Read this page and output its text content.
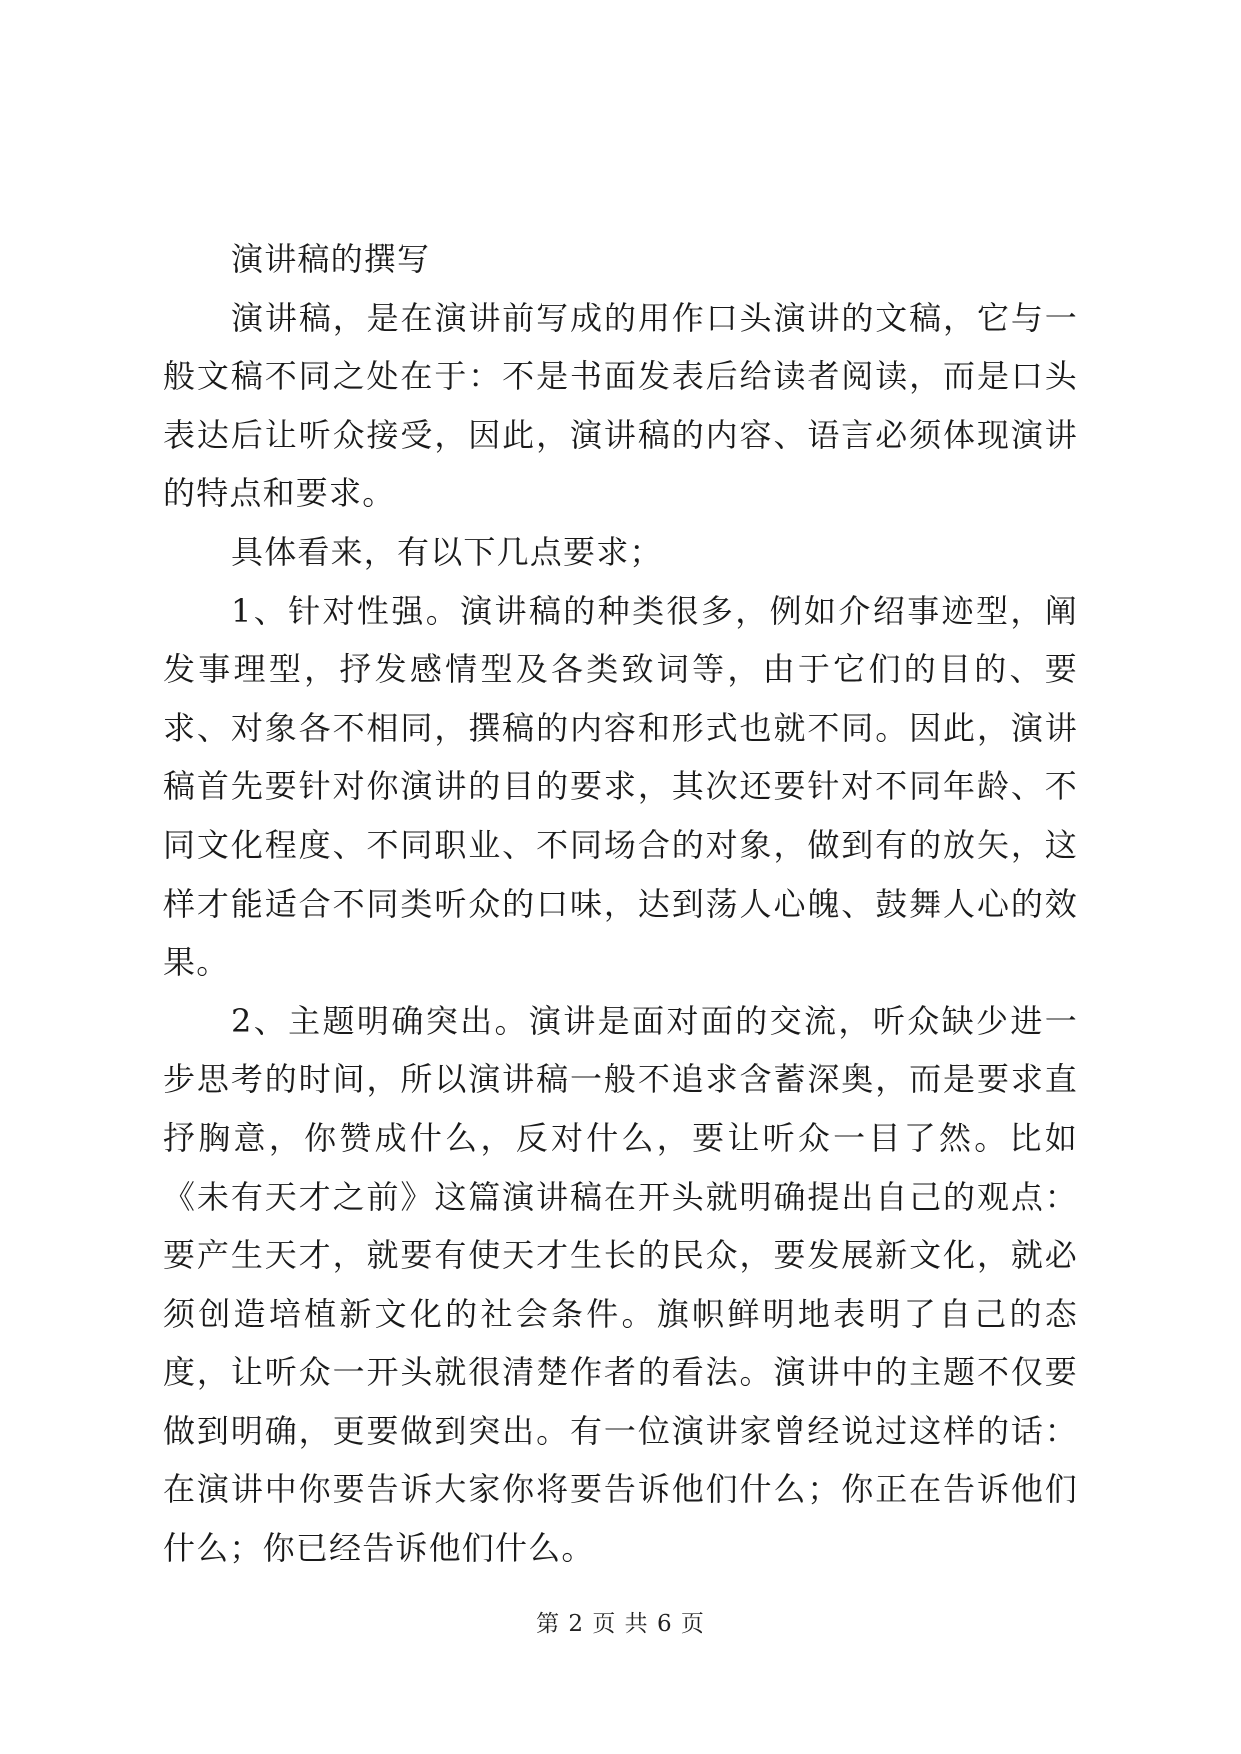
演讲稿的撰写

演讲稿，是在演讲前写成的用作口头演讲的文稿，它与一般文稿不同之处在于：不是书面发表后给读者阅读，而是口头表达后让听众接受，因此，演讲稿的内容、语言必须体现演讲的特点和要求。

具体看来，有以下几点要求；

1、针对性强。演讲稿的种类很多，例如介绍事迹型，阐发事理型，抒发感情型及各类致词等，由于它们的目的、要求、对象各不相同，撰稿的内容和形式也就不同。因此，演讲稿首先要针对你演讲的目的要求，其次还要针对不同年龄、不同文化程度、不同职业、不同场合的对象，做到有的放矢，这样才能适合不同类听众的口味，达到荡人心魄、鼓舞人心的效果。

2、主题明确突出。演讲是面对面的交流，听众缺少进一步思考的时间，所以演讲稿一般不追求含蓄深奥，而是要求直抒胸意，你赞成什么，反对什么，要让听众一目了然。比如《未有天才之前》这篇演讲稿在开头就明确提出自己的观点：要产生天才，就要有使天才生长的民众，要发展新文化，就必须创造培植新文化的社会条件。旗帜鲜明地表明了自己的态度，让听众一开头就很清楚作者的看法。演讲中的主题不仅要做到明确，更要做到突出。有一位演讲家曾经说过这样的话：在演讲中你要告诉大家你将要告诉他们什么；你正在告诉他们什么；你已经告诉他们什么。

第 2 页 共 6 页
